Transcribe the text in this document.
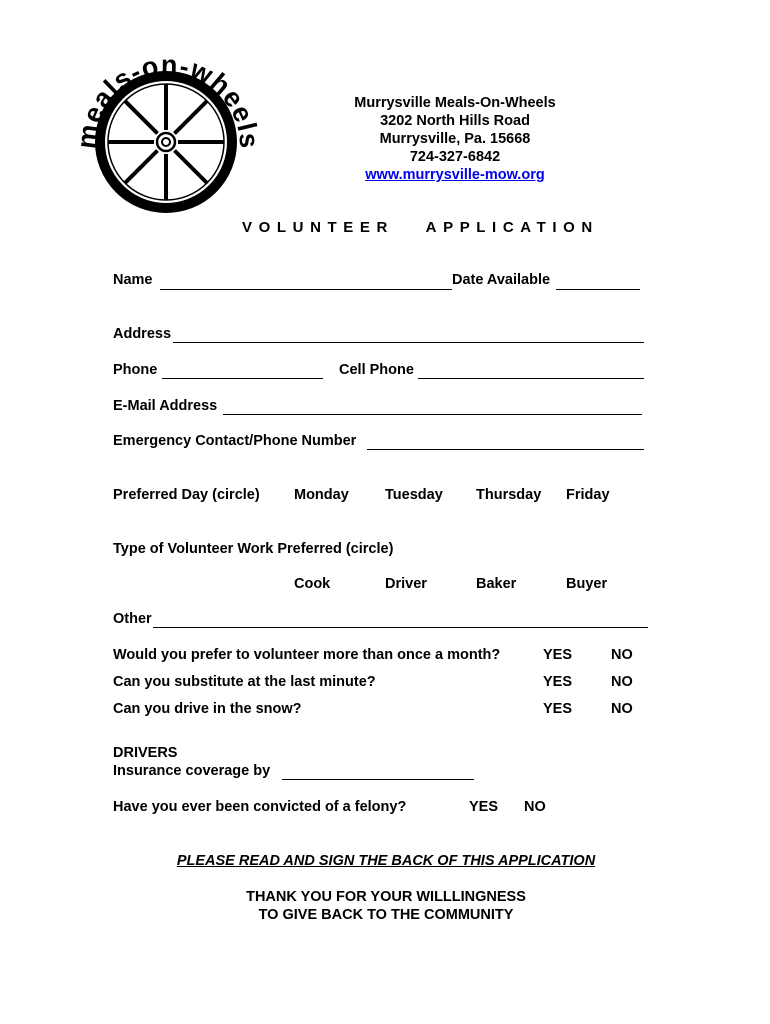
eals-on-whee	Murrysville Meals-On-Wheels
3202 North Hills Road
Murrysville, Pa. 15668
724-327-6842
www.murrysville-mow.org
VOLUNTEER   APPLICATION
Name	Date Available
Address
Phone	Cell Phone
E-Mail Address
Emergency Contact/Phone Number
Preferred Day (circle) Monday Tuesday Thursday Friday
Type of Volunteer Work Preferred (circle)
Cook	Driver	Baker	Buyer
Other
Would you prefer to volunteer more than once a month?	YES	NO
Can you substitute at the last minute?	YES	NO
Can you drive in the snow?	YES	NO
DRIVERS
Insurance coverage by
Have you ever been convicted of a felony?	YES NO
PLEASE READ AND SIGN THE BACK OF THIS APPLICATION
THANK YOU FOR YOUR WILLLINGNESS
TO GIVE BACK TO THE COMMUNITY
